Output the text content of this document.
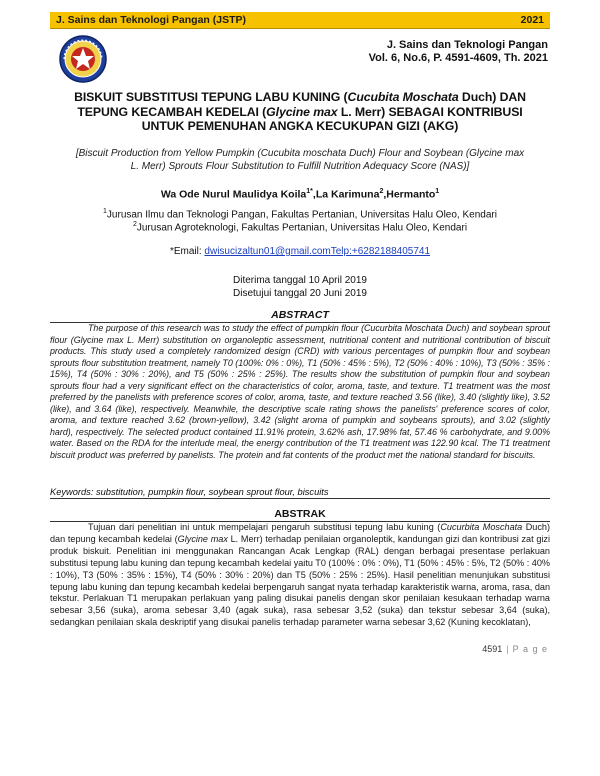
J. Sains dan Teknologi Pangan (JSTP)	2021
J. Sains dan Teknologi Pangan
Vol. 6, No.6, P. 4591-4609, Th. 2021
BISKUIT SUBSTITUSI TEPUNG LABU KUNING (Cucubita Moschata Duch) DAN TEPUNG KECAMBAH KEDELAI (Glycine max L. Merr) SEBAGAI KONTRIBUSI UNTUK PEMENUHAN ANGKA KECUKUPAN GIZI (AKG)
[Biscuit Production from Yellow Pumpkin (Cucubita moschata Duch) Flour and Soybean (Glycine max L. Merr) Sprouts Flour Substitution to Fulfill Nutrition Adequacy Score (NAS)]
Wa Ode Nurul Maulidya Koila$^{1*}$,La Karimuna$^2$,Hermanto$^1$
$^1$Jurusan Ilmu dan Teknologi Pangan, Fakultas Pertanian, Universitas Halu Oleo, Kendari
$^2$Jurusan Agroteknologi, Fakultas Pertanian, Universitas Halu Oleo, Kendari
*Email: dwisucizaltun01@gmail.comTelp:+6282188405741
Diterima tanggal 10 April 2019
Disetujui tanggal 20 Juni 2019
ABSTRACT
The purpose of this research was to study the effect of pumpkin flour (Cucurbita Moschata Duch) and soybean sprout flour (Glycine max L. Merr) substitution on organoleptic assessment, nutritional content and nutritional contribution of biscuit products. This study used a completely randomized design (CRD) with various percentages of pumpkin flour and soybean sprouts flour substitution treatment, namely T0 (100%: 0% : 0%), T1 (50% : 45% : 5%), T2 (50% : 40% : 10%), T3 (50% : 35% : 15%), T4 (50% : 30% : 20%), and T5 (50% : 25% : 25%). The results show the substitution of pumpkin flour and soybean sprouts flour had a very significant effect on the characteristics of color, aroma, taste, and texture. T1 treatment was the most preferred by the panelists with preference scores of color, aroma, taste, and texture reached 3.56 (like), 3.40 (slightly like), 3.52 (like), and 3.64 (like), respectively. Meanwhile, the descriptive scale rating shows the panelists' preference scores of color, aroma, and texture reached 3.62 (brown-yellow), 3.42 (slight aroma of pumpkin and soybeans sprouts), and 3.02 (slightly hard), respectively. The selected product contained 11.91% protein, 3.62% ash, 17.98% fat, 57.46 % carbohydrate, and 9.00% water. Based on the RDA for the interlude meal, the energy contribution of the T1 treatment was 122.90 kcal. The T1 treatment biscuit product was preferred by panelists. The protein and fat contents of the product met the national standard for biscuits.
Keywords: substitution, pumpkin flour, soybean sprout flour, biscuits
ABSTRAK
Tujuan dari penelitian ini untuk mempelajari pengaruh substitusi tepung labu kuning (Cucurbita Moschata Duch) dan tepung kecambah kedelai (Glycine max L. Merr) terhadap penilaian organoleptik, kandungan gizi dan kontribusi zat gizi produk biskuit. Penelitian ini menggunakan Rancangan Acak Lengkap (RAL) dengan berbagai presentase perlakuan substitusi tepung labu kuning dan tepung kecambah kedelai yaitu T0 (100% : 0% : 0%), T1 (50% : 45% : 5%, T2 (50% : 40% : 10%), T3 (50% : 35% : 15%), T4 (50% : 30% : 20%) dan T5 (50% : 25% : 25%). Hasil penelitian menunjukan substitusi tepung labu kuning dan tepung kecambah kedelai berpengaruh sangat nyata terhadap karakteristik warna, aroma, rasa, dan tekstur. Perlakuan T1 merupakan perlakuan yang paling disukai panelis dengan skor penilaian kesukaan terhadap warna sebesar 3,56 (suka), aroma sebesar 3,40 (agak suka), rasa sebesar 3,52 (suka) dan tekstur sebesar 3,64 (suka), sedangkan penilaian skala deskriptif yang disukai panelis terhadap parameter warna sebesar 3,62 (Kuning kecoklatan),
4591 | P a g e
